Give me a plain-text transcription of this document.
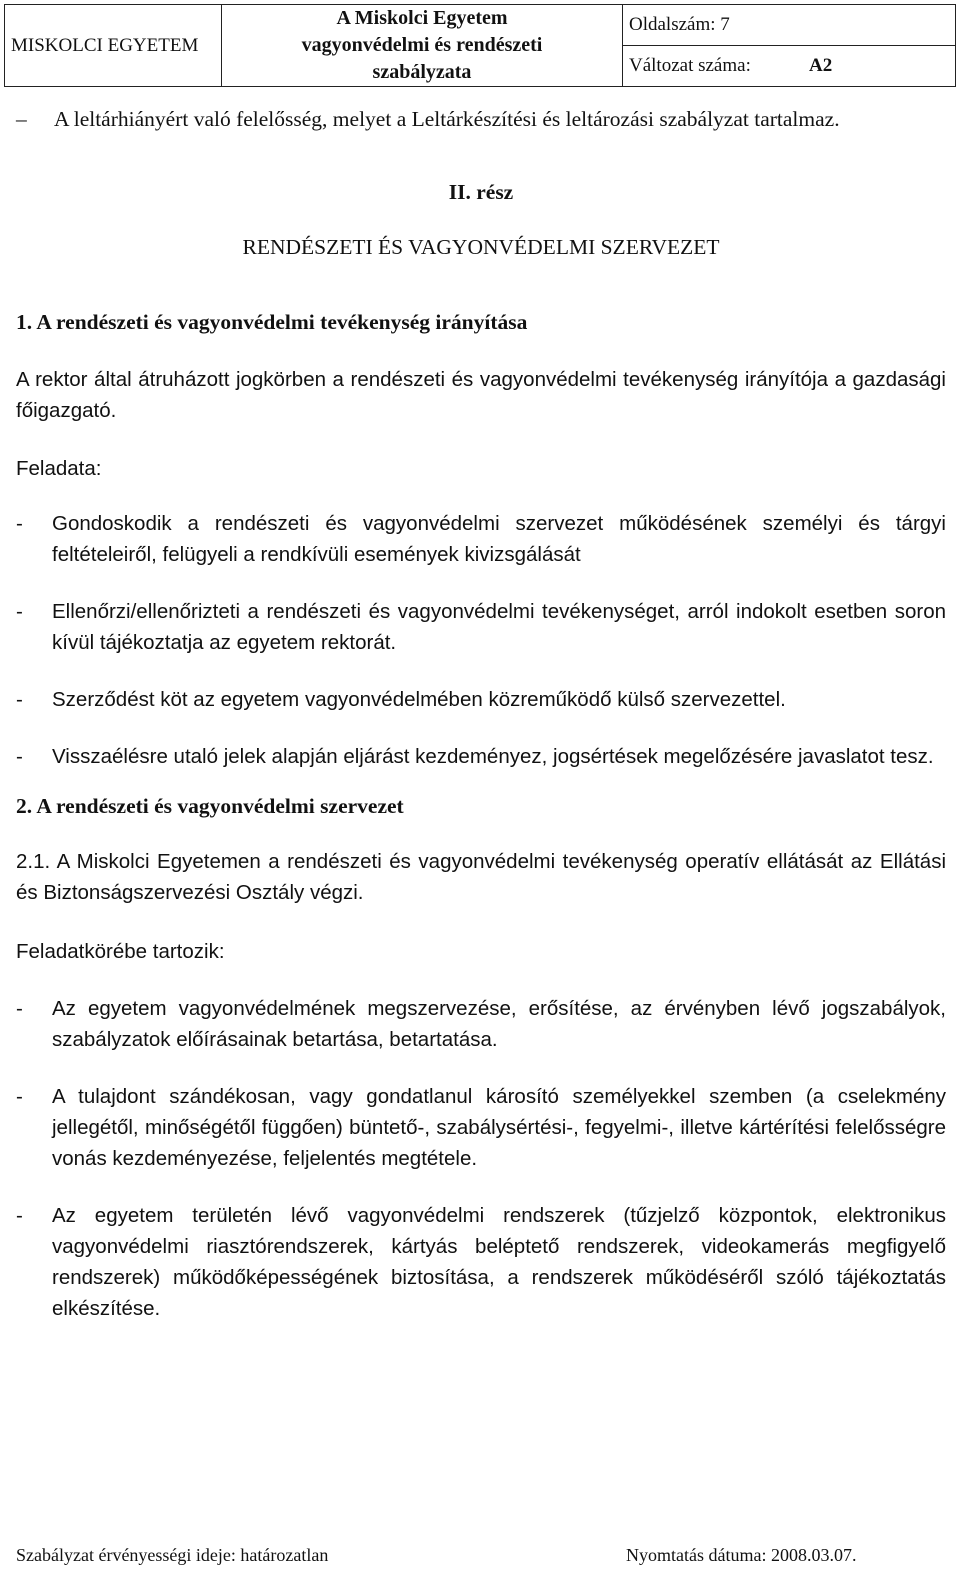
MISKOLCI EGYETEM	
A Miskolci Egyetem
vagyonvédelmi és rendészeti
szabályzata
	Oldalszám: 7
Változat száma:	A2

– A leltárhiányért való felelősség, melyet a Leltárkészítési és leltározási szabályzat tartalmaz.

II. rész

RENDÉSZETI ÉS VAGYONVÉDELMI SZERVEZET

1. A rendészeti és vagyonvédelmi tevékenység irányítása

A rektor által átruházott jogkörben a rendészeti és vagyonvédelmi tevékenység irányítója a gazdasági főigazgató.

Feladata:

- Gondoskodik a rendészeti és vagyonvédelmi szervezet működésének személyi és tárgyi feltételeiről, felügyeli a rendkívüli események kivizsgálását

- Ellenőrzi/ellenőrizteti a rendészeti és vagyonvédelmi tevékenységet, arról indokolt esetben soron kívül tájékoztatja az egyetem rektorát.

- Szerződést köt az egyetem vagyonvédelmében közreműködő külső szervezettel.

- Visszaélésre utaló jelek alapján eljárást kezdeményez, jogsértések megelőzésére javaslatot tesz.

2. A rendészeti és vagyonvédelmi szervezet

2.1. A Miskolci Egyetemen a rendészeti és vagyonvédelmi tevékenység operatív ellátását az Ellátási és Biztonságszervezési Osztály végzi.

Feladatkörébe tartozik:

- Az egyetem vagyonvédelmének megszervezése, erősítése, az érvényben lévő jogszabályok, szabályzatok előírásainak betartása, betartatása.

- A tulajdont szándékosan, vagy gondatlanul károsító személyekkel szemben (a cselekmény jellegétől, minőségétől függően) büntető-, szabálysértési-, fegyelmi-, illetve kártérítési felelősségre vonás kezdeményezése, feljelentés megtétele.

- Az egyetem területén lévő vagyonvédelmi rendszerek (tűzjelző központok, elektronikus vagyonvédelmi riasztórendszerek, kártyás beléptető rendszerek, videokamerás megfigyelő rendszerek) működőképességének biztosítása, a rendszerek működéséről szóló tájékoztatás elkészítése.

Szabályzat érvényességi ideje: határozatlan	Nyomtatás dátuma: 2008.03.07.
